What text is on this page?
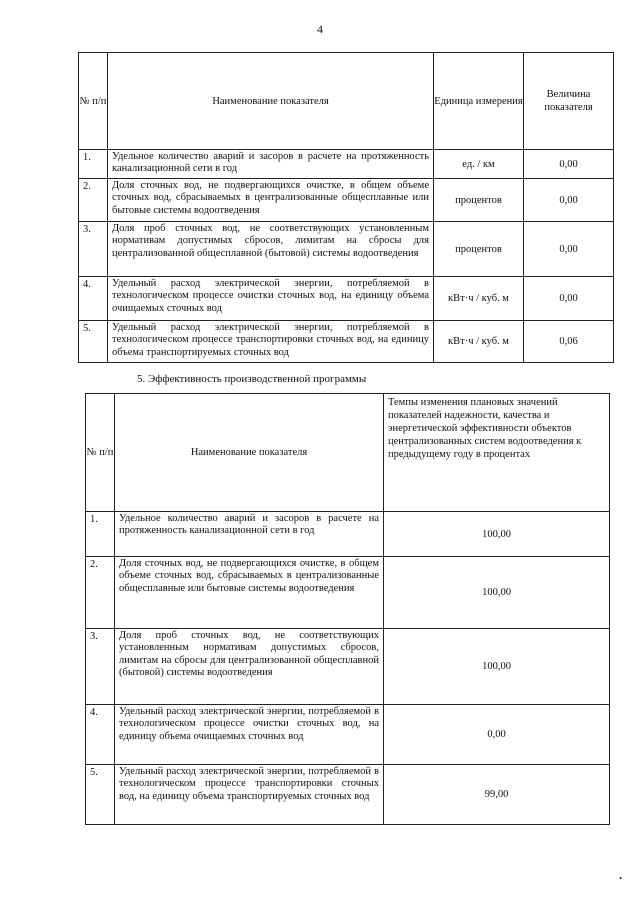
4
№ п/п	Наименование показателя	Единица измерения	Величина показателя
1.	Удельное количество аварий и засоров в расчете на протяженность канализационной сети в год	ед. / км	0,00
2.	Доля сточных вод, не подвергающихся очистке, в общем объеме сточных вод, сбрасываемых в централизованные общесплавные или бытовые системы водоотведения	процентов	0,00
3.	Доля проб сточных вод, не соответствующих установленным нормативам допустимых сбросов, лимитам на сбросы для централизованной общесплавной (бытовой) системы водоотведения	процентов	0,00
4.	Удельный расход электрической энергии, потребляемой в технологическом процессе очистки сточных вод, на единицу объема очищаемых сточных вод	кВт·ч / куб. м	0,00
5.	Удельный расход электрической энергии, потребляемой в технологическом процессе транспортировки сточных вод, на единицу объема транспортируемых сточных вод	кВт·ч / куб. м	0,06
5. Эффективность производственной программы
№ п/п	Наименование показателя	Темпы изменения плановых значений показателей надежности, качества и энергетической эффективности объектов централизованных систем водоотведения к предыдущему году в процентах
1.	Удельное количество аварий и засоров в расчете на протяженность канализационной сети в год	100,00
2.	Доля сточных вод, не подвергающихся очистке, в общем объеме сточных вод, сбрасываемых в централизованные общесплавные или бытовые системы водоотведения	100,00
3.	Доля проб сточных вод, не соответствующих установленным нормативам допустимых сбросов, лимитам на сбросы для централизованной общесплавной (бытовой) системы водоотведения	100,00
4.	Удельный расход электрической энергии, потребляемой в технологическом процессе очистки сточных вод, на единицу объема очищаемых сточных вод	0,00
5.	Удельный расход электрической энергии, потребляемой в технологическом процессе транспортировки сточных вод, на единицу объема транспортируемых сточных вод	99,00
•
